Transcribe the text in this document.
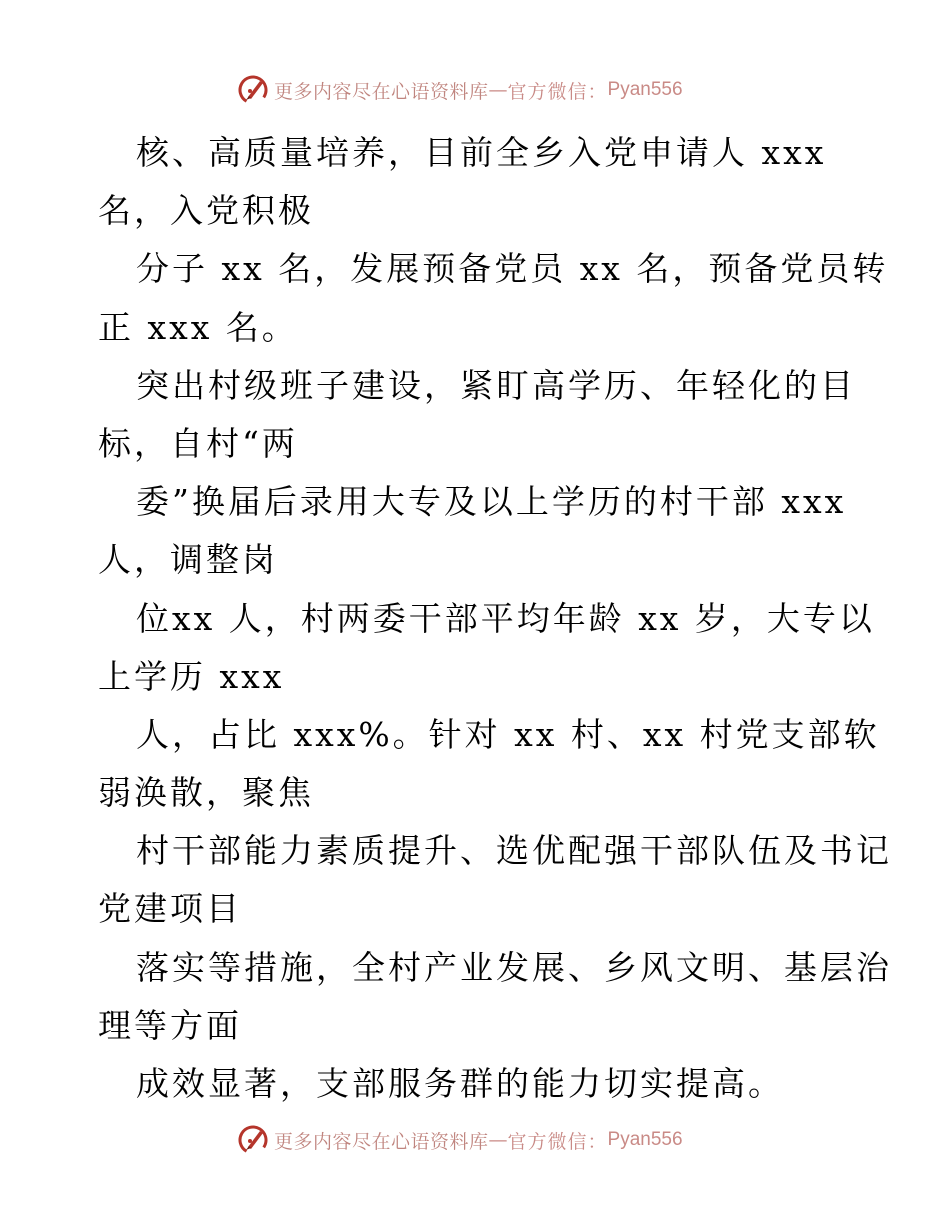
更多内容尽在心语资料库 — 官方微信： Pyan556
核、高质量培养，目前全乡入党申请人 xxx
名，入党积极
分子 xx 名，发展预备党员 xx 名，预备党员转
正 xxx 名。
突出村级班子建设，紧盯高学历、年轻化的目
标，自村“两
委”换届后录用大专及以上学历的村干部 xxx
人，调整岗
位xx 人，村两委干部平均年龄 xx 岁，大专以
上学历 xxx
人，占比 xxx%。针对 xx 村、xx 村党支部软
弱涣散，聚焦
村干部能力素质提升、选优配强干部队伍及书记
党建项目
落实等措施，全村产业发展、乡风文明、基层治
理等方面
成效显著，支部服务群的能力切实提高。
更多内容尽在心语资料库 — 官方微信： Pyan556
